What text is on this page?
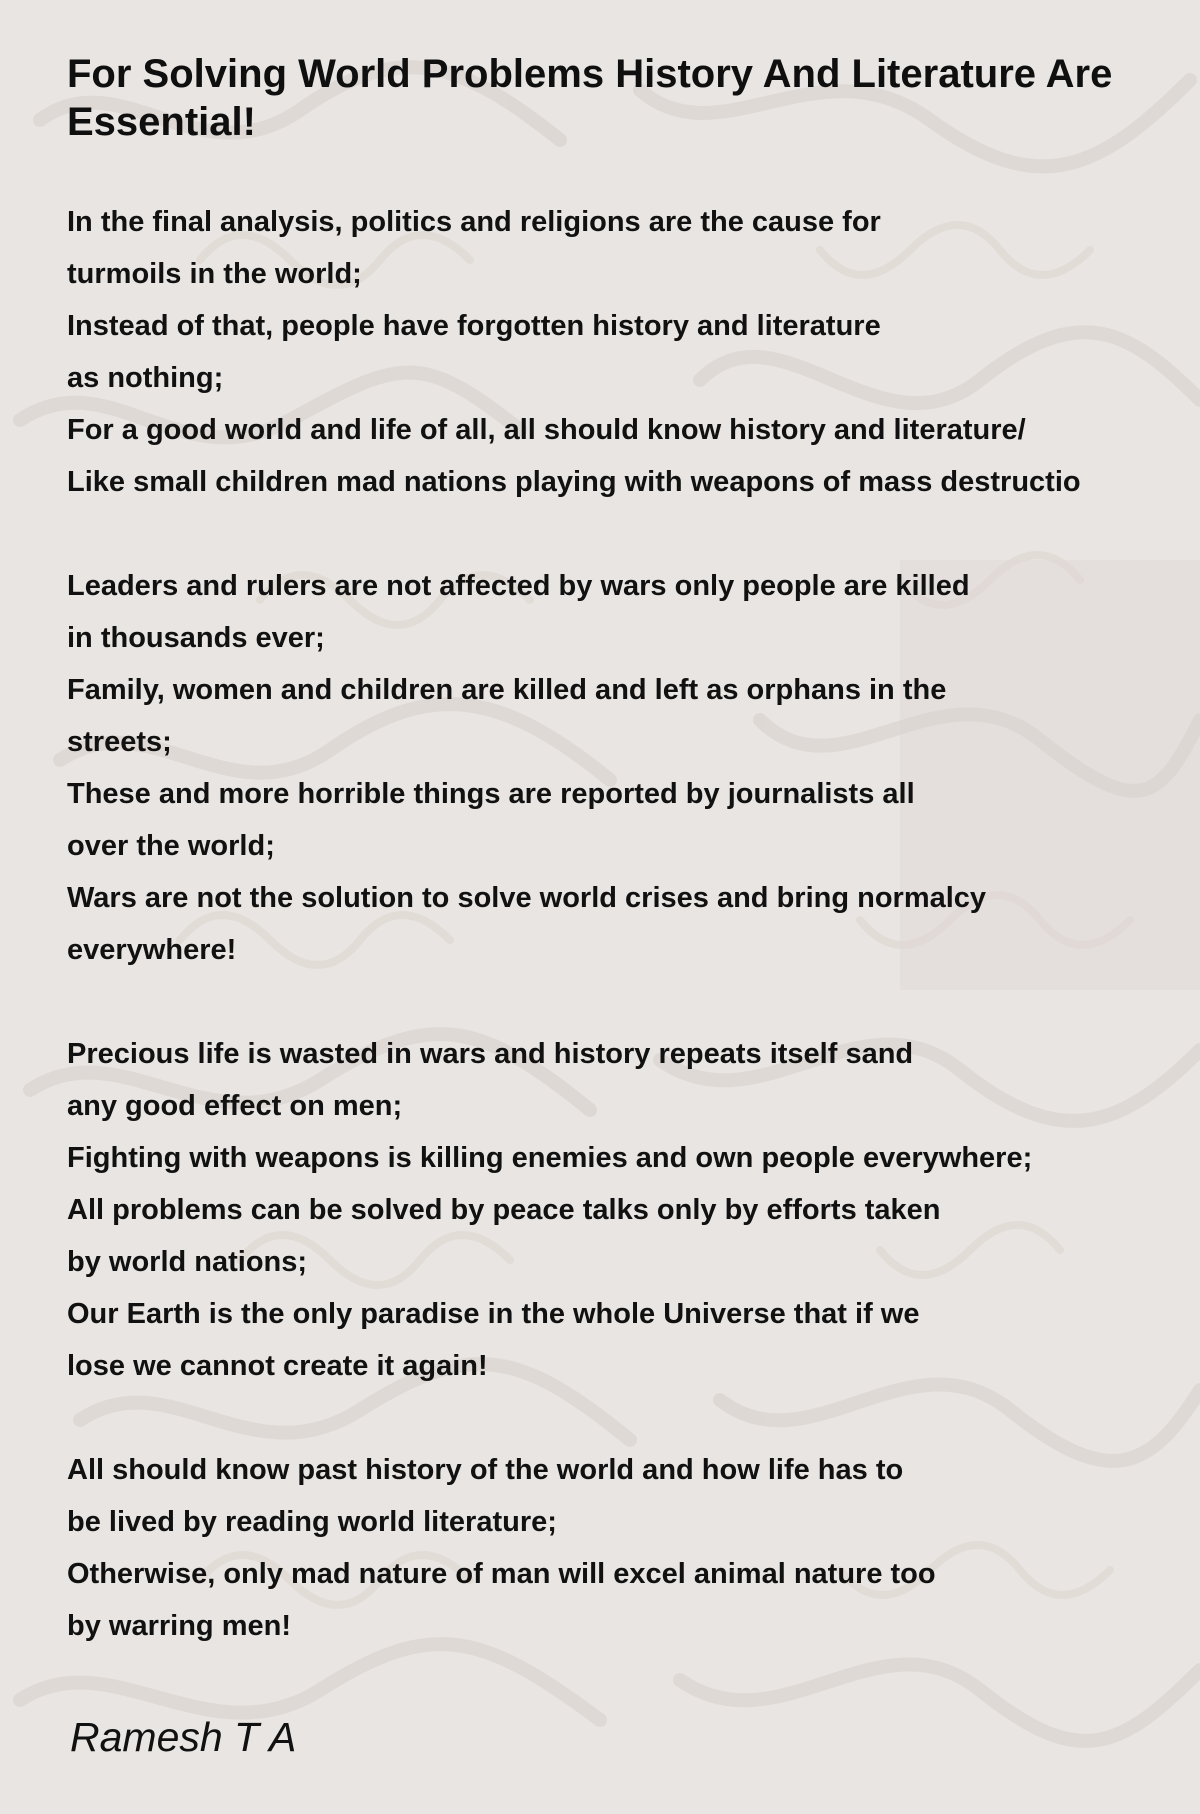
For Solving World Problems History And Literature Are Essential!
In the final analysis, politics and religions are the cause for
turmoils in the world;
Instead of that, people have forgotten history and literature
as nothing;
For a good world and life of all, all should know history and literature/
Like small children mad nations playing with weapons of mass destructio
Leaders and rulers are not affected by wars only people are killed
in thousands ever;
Family, women and children are killed and left as orphans in the
streets;
These and more horrible things are reported by journalists all
over the world;
Wars are not the solution to solve world crises and bring normalcy
everywhere!
Precious life is wasted in wars and history repeats itself sand
any good effect on men;
Fighting with weapons is killing enemies and own people everywhere;
All problems can be solved by peace talks only by efforts taken
by world nations;
Our Earth is the only paradise in the whole Universe that if we
lose we cannot create it again!
All should know past history of the world and how life has to
be lived by reading world literature;
Otherwise, only mad nature of man will excel animal nature too
by warring men!
Ramesh T A
